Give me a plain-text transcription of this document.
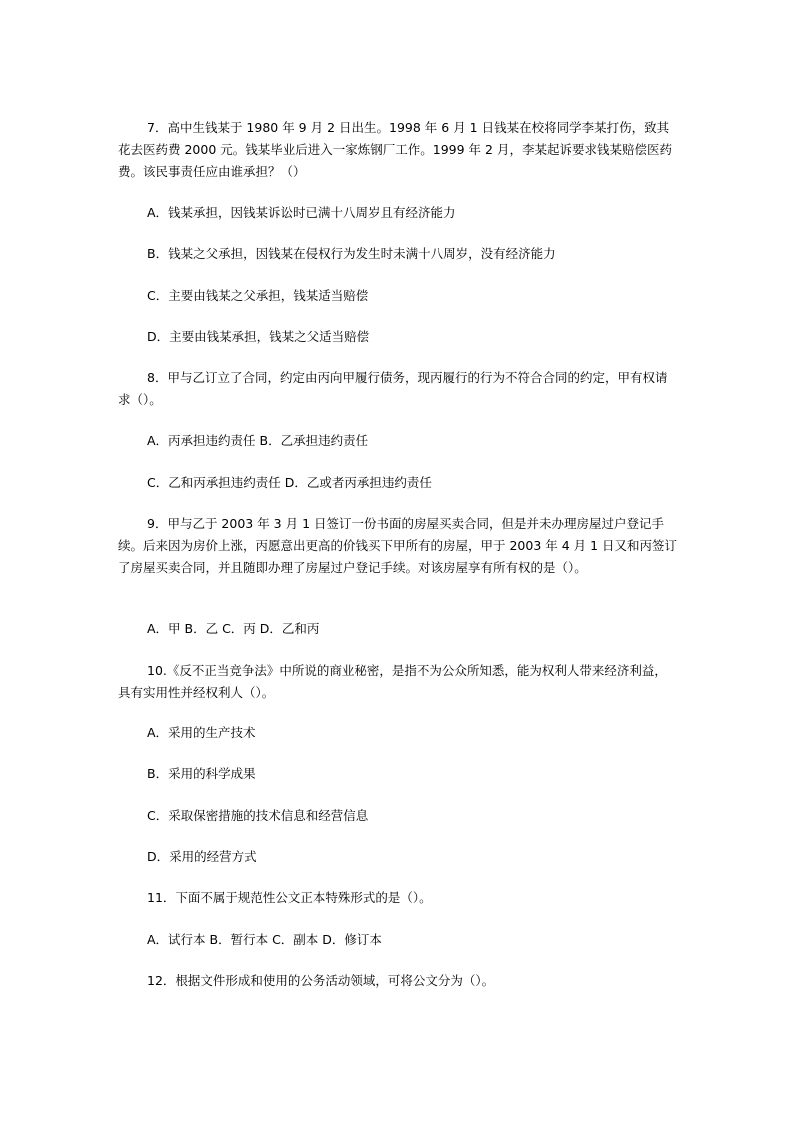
7．高中生钱某于 1980 年 9 月 2 日出生。1998 年 6 月 1 日钱某在校将同学李某打伤，致其花去医药费 2000 元。钱某毕业后进入一家炼钢厂工作。1999 年 2 月，李某起诉要求钱某赔偿医药费。该民事责任应由谁承担？（）

A．钱某承担，因钱某诉讼时已满十八周岁且有经济能力

B．钱某之父承担，因钱某在侵权行为发生时未满十八周岁，没有经济能力

C．主要由钱某之父承担，钱某适当赔偿

D．主要由钱某承担，钱某之父适当赔偿

8．甲与乙订立了合同，约定由丙向甲履行债务，现丙履行的行为不符合合同的约定，甲有权请求（）。

A．丙承担违约责任 B．乙承担违约责任

C．乙和丙承担违约责任 D．乙或者丙承担违约责任

9．甲与乙于 2003 年 3 月 1 日签订一份书面的房屋买卖合同，但是并未办理房屋过户登记手续。后来因为房价上涨，丙愿意出更高的价钱买下甲所有的房屋，甲于 2003 年 4 月 1 日又和丙签订了房屋买卖合同，并且随即办理了房屋过户登记手续。对该房屋享有所有权的是（）。

A．甲 B．乙 C．丙 D．乙和丙

10.《反不正当竞争法》中所说的商业秘密，是指不为公众所知悉，能为权利人带来经济利益，具有实用性并经权利人（）。

A．采用的生产技术

B．采用的科学成果

C．采取保密措施的技术信息和经营信息

D．采用的经营方式

11．下面不属于规范性公文正本特殊形式的是（）。

A．试行本 B．暂行本 C．副本 D．修订本

12．根据文件形成和使用的公务活动领域，可将公文分为（）。
